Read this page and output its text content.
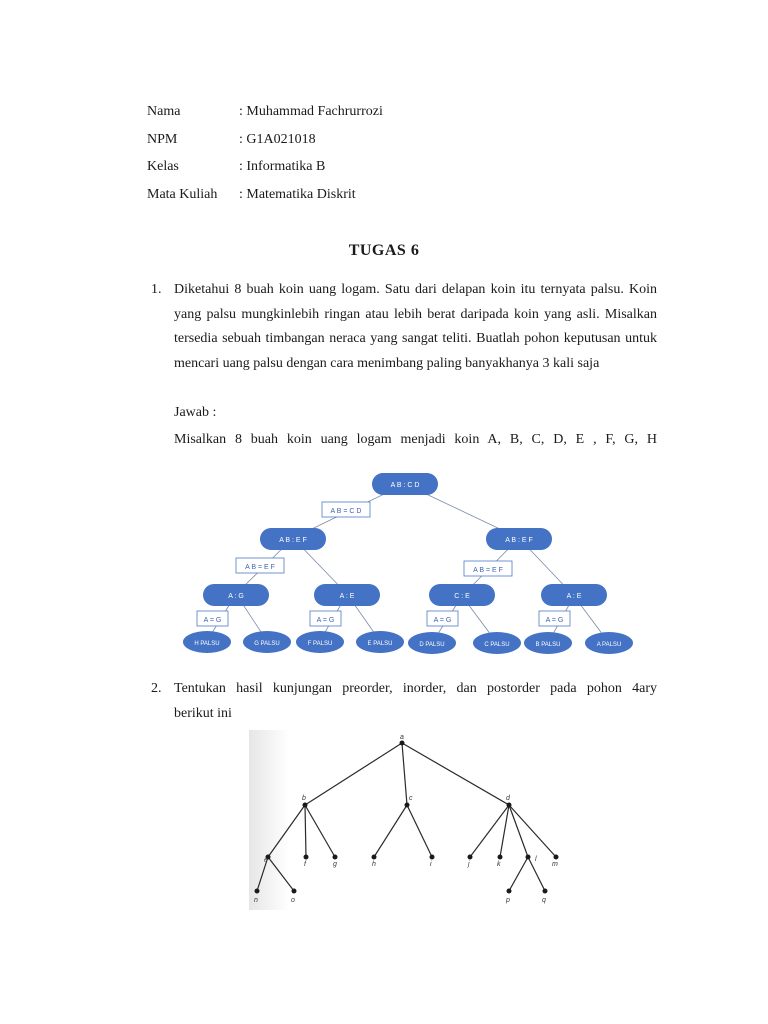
Nama	: Muhammad Fachrurrozi
NPM	: G1A021018
Kelas	: Informatika B
Mata Kuliah : Matematika Diskrit
TUGAS 6
1. Diketahui 8 buah koin uang logam. Satu dari delapan koin itu ternyata palsu. Koin yang palsu mungkinlebih ringan atau lebih berat daripada koin yang asli. Misalkan tersedia sebuah timbangan neraca yang sangat teliti. Buatlah pohon keputusan untuk mencari uang palsu dengan cara menimbang paling banyakhanya 3 kali saja
Jawab :
Misalkan 8 buah koin uang logam menjadi koin A, B, C, D, E , F, G, H
A B = C D
A B = E F	A B = E F
A = G	A = G	A = G	A = G
A B : C D
A B : E F	A B : E F
A : G	A : E	C : E	A : E
H PALSU	G PALSU	F PALSU	E PALSU	D PALSU	C PALSU	B PALSU	A PALSU
2. Tentukan hasil kunjungan preorder, inorder, dan postorder pada pohon 4ary
berikut ini
a
b	c	d
e
f	g	h	i	j	k
l
m
n	o	p	q
